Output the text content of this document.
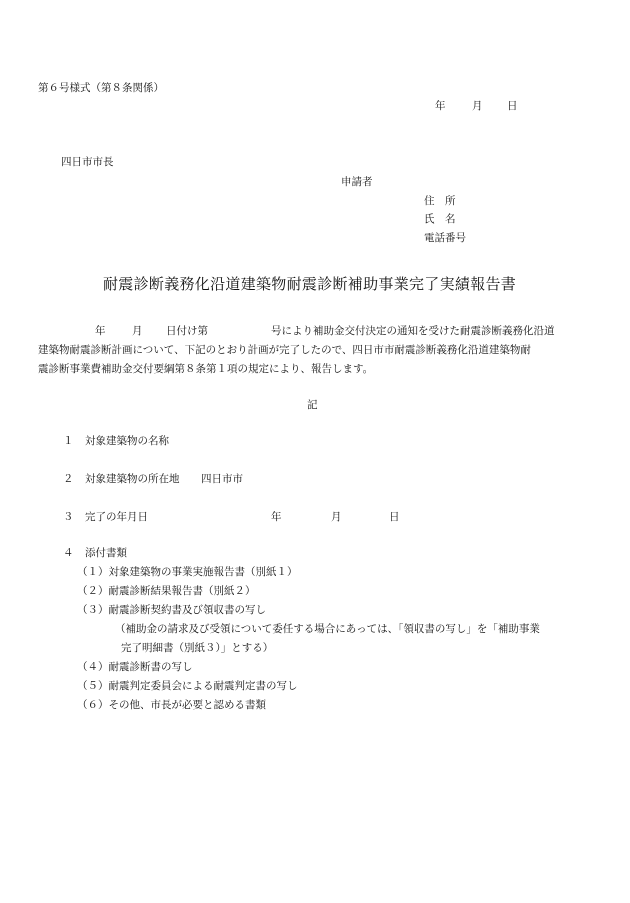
第６号様式（第８条関係）
年	月 日
四日市市長
申請者
住　所
氏　名
電話番号
耐震診断義務化沿道建築物耐震診断補助事業完了実績報告書
年	月 日付け第	号により補助金交付決定の通知を受けた耐震診断義務化沿道
建築物耐震診断計画について、下記のとおり計画が完了したので、四日市市耐震診断義務化沿道建築物耐
震診断事業費補助金交付要綱第８条第１項の規定により、報告します。
記
１ 対象建築物の名称
２ 対象建築物の所在地 四日市市
３ 完了の年月日	年	月	日
４ 添付書類
（１）対象建築物の事業実施報告書（別紙１）
（２）耐震診断結果報告書（別紙２）
（３）耐震診断契約書及び領収書の写し
（補助金の請求及び受領について委任する場合にあっては、「領収書の写し」を「補助事業
完了明細書（別紙３）」とする）
（４）耐震診断書の写し
（５）耐震判定委員会による耐震判定書の写し
（６）その他、市長が必要と認める書類
